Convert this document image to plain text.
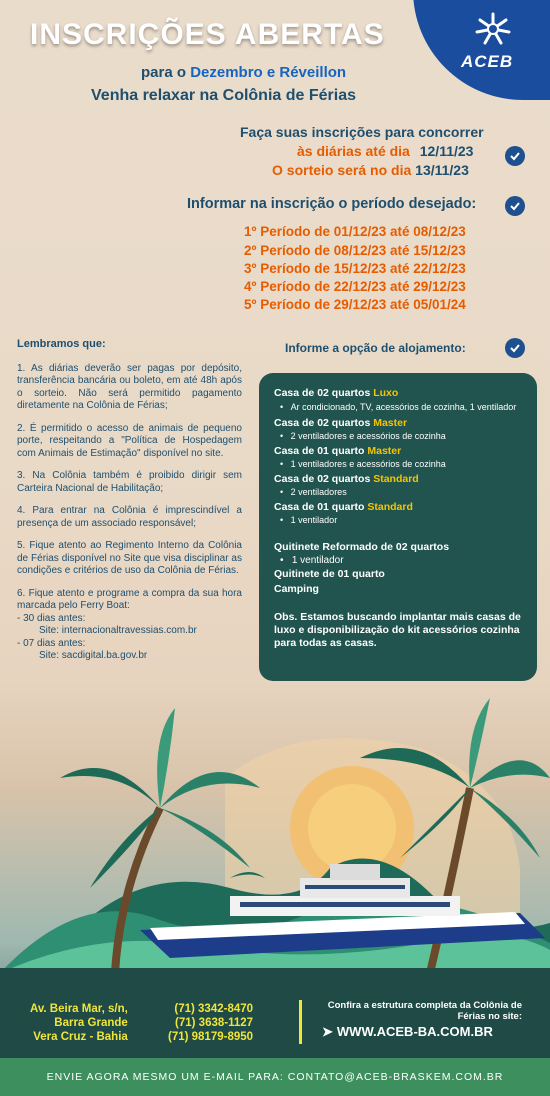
ACEB
INSCRIÇÕES ABERTAS
para o Dezembro e Réveillon
Venha relaxar na Colônia de Férias
Faça suas inscrições para concorrer
às diárias até dia 12/11/23
O sorteio será no dia 13/11/23
Informar na inscrição o período desejado:
1º Período de 01/12/23 até 08/12/23
2º Período de 08/12/23 até 15/12/23
3º Período de 15/12/23 até 22/12/23
4º Período de 22/12/23 até 29/12/23
5º Período de 29/12/23 até 05/01/24
Lembramos que:

1. As diárias deverão ser pagas por depósito, transferência bancária ou boleto, em até 48h após o sorteio. Não será permitido pagamento diretamente na Colônia de Férias;

2. É permitido o acesso de animais de pequeno porte, respeitando a "Política de Hospedagem com Animais de Estimação" disponível no site.

3. Na Colônia também é proibido dirigir sem Carteira Nacional de Habilitação;

4. Para entrar na Colônia é imprescindível a presença de um associado responsável;

5. Fique atento ao Regimento Interno da Colônia de Férias disponível no Site que visa disciplinar as condições e critérios de uso da Colônia de Férias.

6. Fique atento e programe a compra da sua hora marcada pelo Ferry Boat:

- 30 dias antes:
Site: internacionaltravessias.com.br
- 07 dias antes:
Site: sacdigital.ba.gov.br
Informe a opção de alojamento:

Casa de 02 quartos Luxo

•   Ar condicionado, TV, acessórios de cozinha, 1 ventilador

Casa de 02 quartos Master

•   2 ventiladores e acessórios de cozinha

Casa de 01 quarto Master

•   1 ventiladores e acessórios de cozinha

Casa de 02 quartos Standard

•   2 ventiladores

Casa de 01 quarto Standard

•   1 ventilador

Quitinete Reformado de 02 quartos

•   1 ventilador

Quitinete de 01 quarto

Camping

Obs. Estamos buscando implantar mais casas de luxo e disponibilização do kit acessórios cozinha para todas as casas.

Av. Beira Mar, s/n,
Barra Grande
Vera Cruz - Bahia
(71) 3342-8470
(71) 3638-1127
(71) 98179-8950
Confira a estrutura completa da Colônia de Férias no site:
➤ WWW.ACEB-BA.COM.BR
ENVIE AGORA MESMO UM E-MAIL PARA: CONTATO@ACEB-BRASKEM.COM.BR
